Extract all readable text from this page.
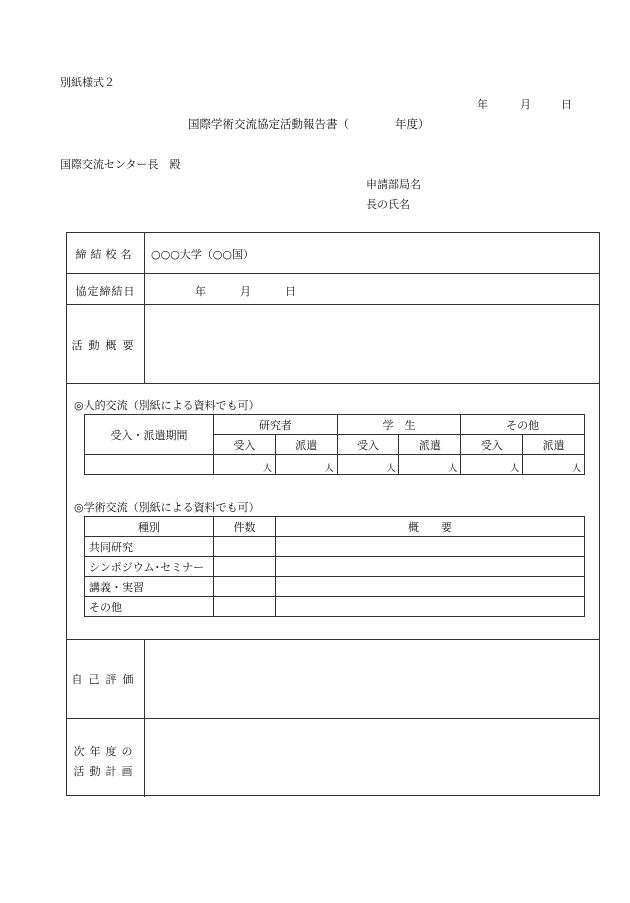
別紙様式２
年	月	日
国際学術交流協定活動報告書（　　　　年度）
国際交流センター長　殿
申請部局名
長の氏名
締結校名	○○○大学（○○国）
協定締結日	年	月	日
活動概要
◎人的交流（別紙による資料でも可）
受入・派遣期間	研究者		学　生		その他	
	受入	派遣	受入	派遣	受入	派遣
	人	人	人	人	人	人
◎学術交流（別紙による資料でも可）
種別	件数	概　　要
共同研究		
シンポジウム･セミナー		
講義・実習		
その他		
自己評価
次年度の
活動計画
